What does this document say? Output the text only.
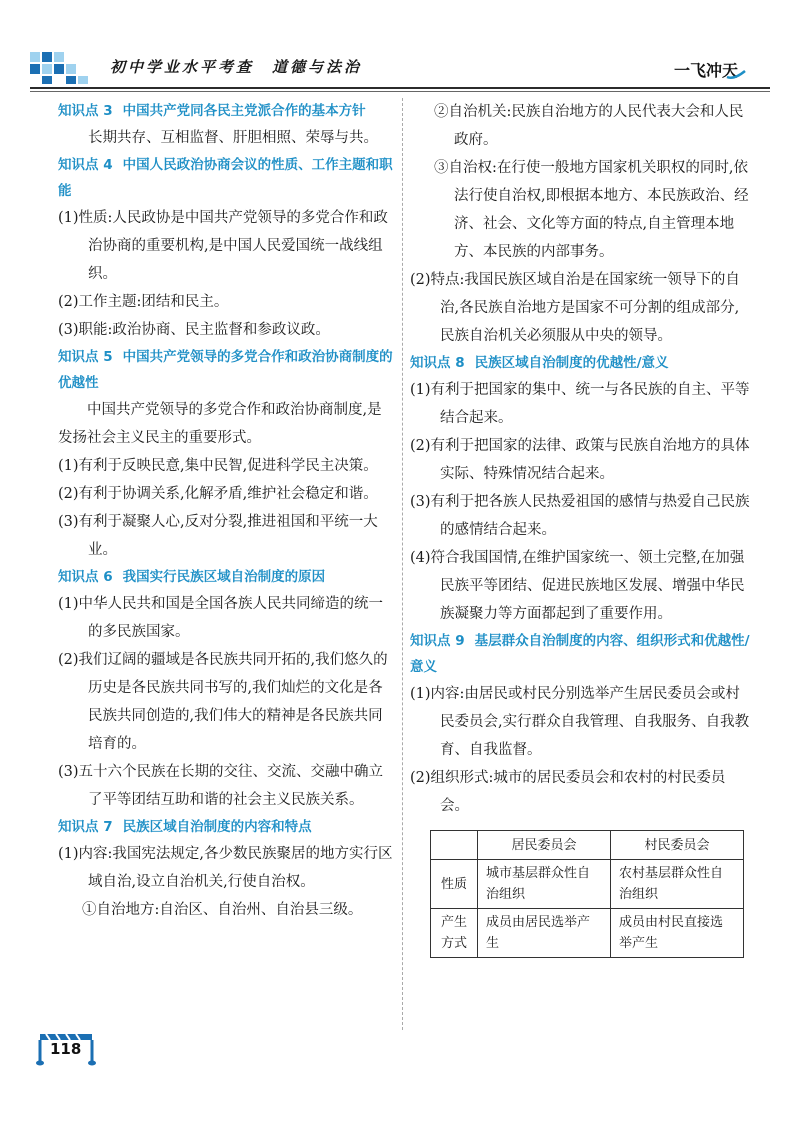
初中学业水平考查　道德与法治	一飞冲天

知识点 3 中国共产党同各民主党派合作的基本方针

长期共存、互相监督、肝胆相照、荣辱与共。

知识点 4 中国人民政治协商会议的性质、工作主题和职能

(1)性质:人民政协是中国共产党领导的多党合作和政治协商的重要机构,是中国人民爱国统一战线组织。

(2)工作主题:团结和民主。

(3)职能:政治协商、民主监督和参政议政。

知识点 5 中国共产党领导的多党合作和政治协商制度的优越性

中国共产党领导的多党合作和政治协商制度,是发扬社会主义民主的重要形式。

(1)有利于反映民意,集中民智,促进科学民主决策。

(2)有利于协调关系,化解矛盾,维护社会稳定和谐。

(3)有利于凝聚人心,反对分裂,推进祖国和平统一大业。

知识点 6 我国实行民族区域自治制度的原因

(1)中华人民共和国是全国各族人民共同缔造的统一的多民族国家。

(2)我们辽阔的疆域是各民族共同开拓的,我们悠久的历史是各民族共同书写的,我们灿烂的文化是各民族共同创造的,我们伟大的精神是各民族共同培育的。

(3)五十六个民族在长期的交往、交流、交融中确立了平等团结互助和谐的社会主义民族关系。

知识点 7 民族区域自治制度的内容和特点

(1)内容:我国宪法规定,各少数民族聚居的地方实行区域自治,设立自治机关,行使自治权。

①自治地方:自治区、自治州、自治县三级。

②自治机关:民族自治地方的人民代表大会和人民政府。

③自治权:在行使一般地方国家机关职权的同时,依法行使自治权,即根据本地方、本民族政治、经济、社会、文化等方面的特点,自主管理本地方、本民族的内部事务。

(2)特点:我国民族区域自治是在国家统一领导下的自治,各民族自治地方是国家不可分割的组成部分,民族自治机关必须服从中央的领导。

知识点 8 民族区域自治制度的优越性/意义

(1)有利于把国家的集中、统一与各民族的自主、平等结合起来。

(2)有利于把国家的法律、政策与民族自治地方的具体实际、特殊情况结合起来。

(3)有利于把各族人民热爱祖国的感情与热爱自己民族的感情结合起来。

(4)符合我国国情,在维护国家统一、领土完整,在加强民族平等团结、促进民族地区发展、增强中华民族凝聚力等方面都起到了重要作用。

知识点 9 基层群众自治制度的内容、组织形式和优越性/意义

(1)内容:由居民或村民分别选举产生居民委员会或村民委员会,实行群众自我管理、自我服务、自我教育、自我监督。

(2)组织形式:城市的居民委员会和农村的村民委员会。

	居民委员会	村民委员会
性质	城市基层群众性自治组织	农村基层群众性自治组织
产生方式	成员由居民选举产生	成员由村民直接选举产生
118
